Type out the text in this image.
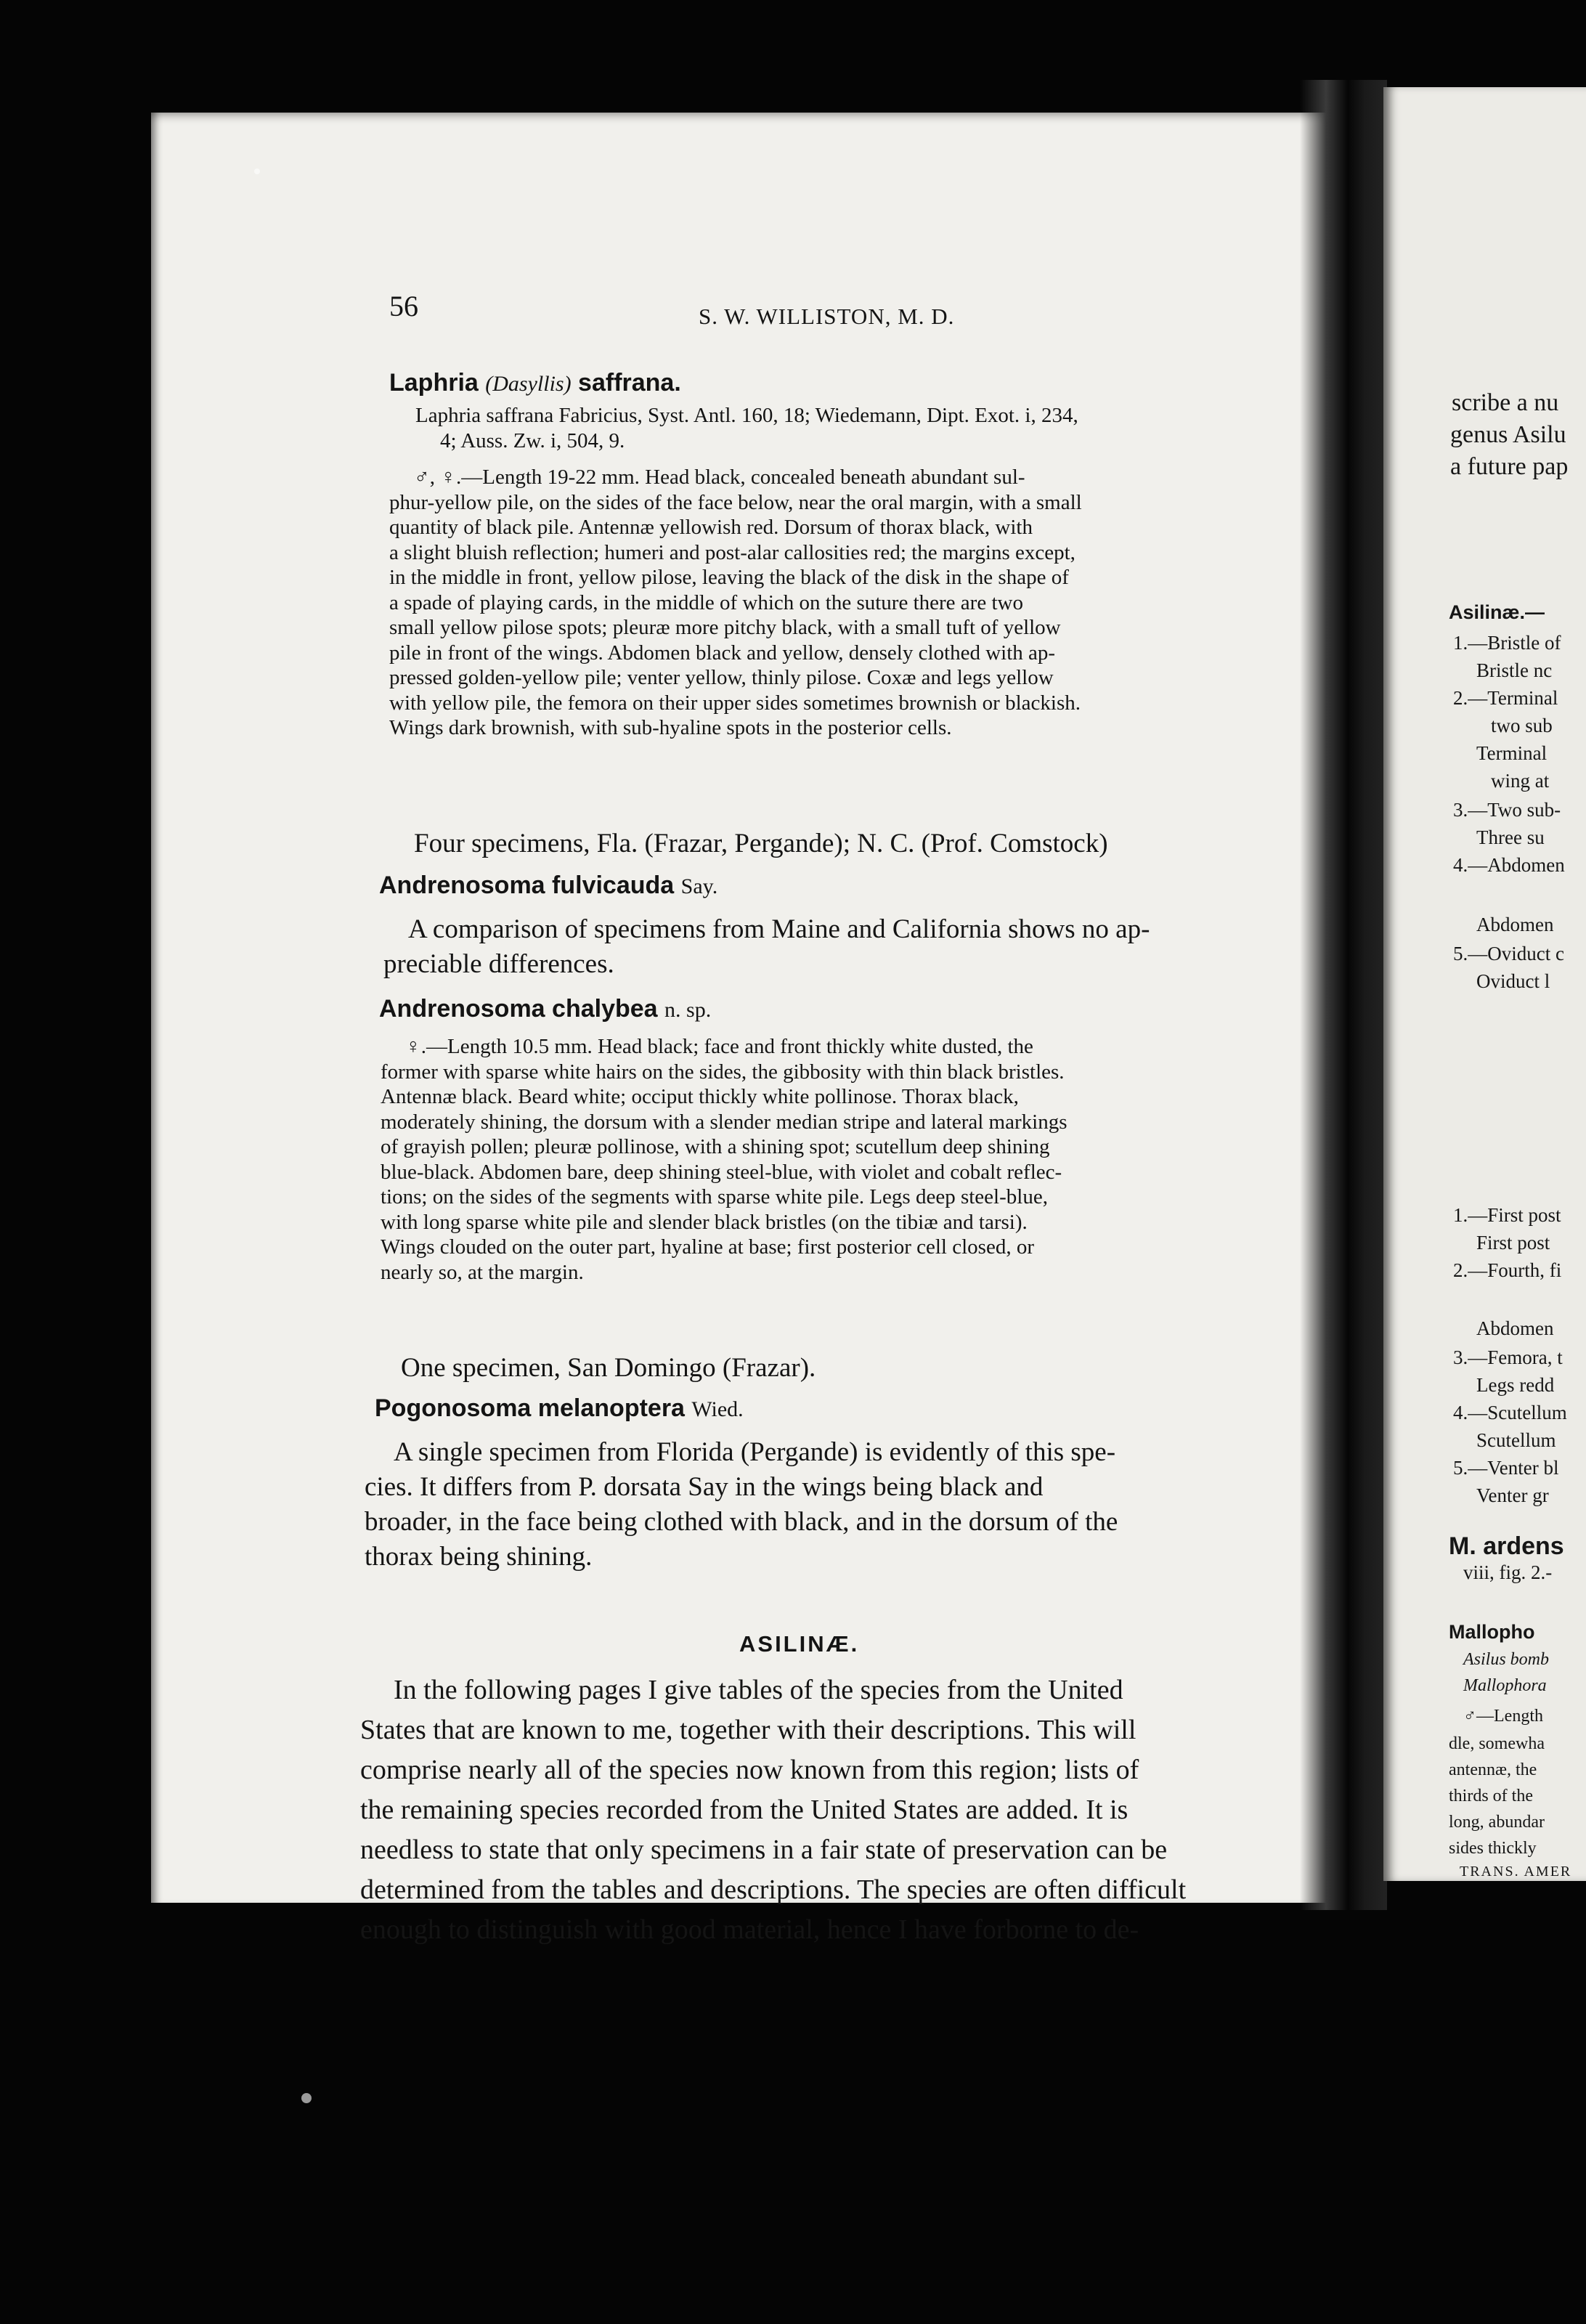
scribe a nu
genus Asilu
a future pap
Asilinæ.—
1.—Bristle of
Bristle nc
2.—Terminal
two sub
Terminal
wing at
3.—Two sub-
Three su
4.—Abdomen
Abdomen
5.—Oviduct c
Oviduct l
1.—First post
First post
2.—Fourth, fi
Abdomen
3.—Femora, t
Legs redd
4.—Scutellum
Scutellum
5.—Venter bl
Venter gr
M. ardens
viii, fig. 2.-
Mallopho
Asilus bomb
Mallophora
♂—Length
dle, somewha
antennæ, the
thirds of the
long, abundar
sides thickly
TRANS. AMER
56	S. W. WILLISTON, M. D.
Laphria (Dasyllis) saffrana.
Laphria saffrana Fabricius, Syst. Antl. 160, 18; Wiedemann, Dipt. Exot. i, 234,
4; Auss. Zw. i, 504, 9.
♂, ♀.—Length 19-22 mm. Head black, concealed beneath abundant sul-
phur-yellow pile, on the sides of the face below, near the oral margin, with a small
quantity of black pile. Antennæ yellowish red. Dorsum of thorax black, with
a slight bluish reflection; humeri and post-alar callosities red; the margins except,
in the middle in front, yellow pilose, leaving the black of the disk in the shape of
a spade of playing cards, in the middle of which on the suture there are two
small yellow pilose spots; pleuræ more pitchy black, with a small tuft of yellow
pile in front of the wings. Abdomen black and yellow, densely clothed with ap-
pressed golden-yellow pile; venter yellow, thinly pilose. Coxæ and legs yellow
with yellow pile, the femora on their upper sides sometimes brownish or blackish.
Wings dark brownish, with sub-hyaline spots in the posterior cells.
Four specimens, Fla. (Frazar, Pergande); N. C. (Prof. Comstock)
Andrenosoma fulvicauda Say.
A comparison of specimens from Maine and California shows no ap-
preciable differences.
Andrenosoma chalybea n. sp.
♀.—Length 10.5 mm. Head black; face and front thickly white dusted, the
former with sparse white hairs on the sides, the gibbosity with thin black bristles.
Antennæ black. Beard white; occiput thickly white pollinose. Thorax black,
moderately shining, the dorsum with a slender median stripe and lateral markings
of grayish pollen; pleuræ pollinose, with a shining spot; scutellum deep shining
blue-black. Abdomen bare, deep shining steel-blue, with violet and cobalt reflec-
tions; on the sides of the segments with sparse white pile. Legs deep steel-blue,
with long sparse white pile and slender black bristles (on the tibiæ and tarsi).
Wings clouded on the outer part, hyaline at base; first posterior cell closed, or
nearly so, at the margin.
One specimen, San Domingo (Frazar).
Pogonosoma melanoptera Wied.
A single specimen from Florida (Pergande) is evidently of this spe-
cies. It differs from P. dorsata Say in the wings being black and
broader, in the face being clothed with black, and in the dorsum of the
thorax being shining.
ASILINÆ.
In the following pages I give tables of the species from the United
States that are known to me, together with their descriptions. This will
comprise nearly all of the species now known from this region; lists of
the remaining species recorded from the United States are added. It is
needless to state that only specimens in a fair state of preservation can be
determined from the tables and descriptions. The species are often difficult
enough to distinguish with good material, hence I have forborne to de-
